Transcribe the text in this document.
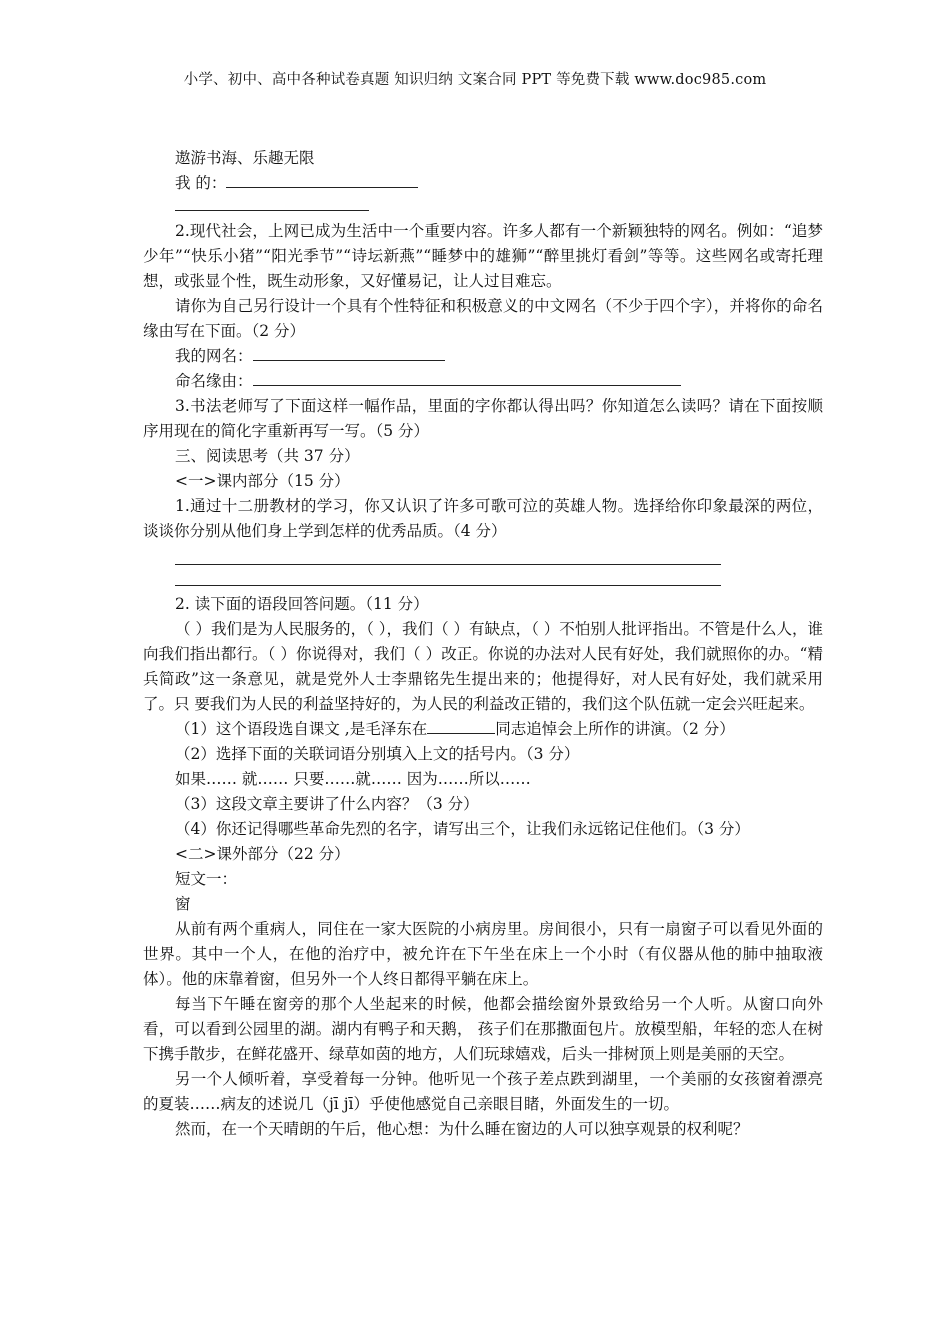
小学、初中、高中各种试卷真题 知识归纳 文案合同 PPT 等免费下载 www.doc985.com

遨游书海、乐趣无限

我 的：

2.现代社会，上网已成为生活中一个重要内容。许多人都有一个新颖独特的网名。例如：“追梦少年”“快乐小猪”“阳光季节”“诗坛新燕”“睡梦中的雄狮”“醉里挑灯看剑”等等。这些网名或寄托理想，或张显个性，既生动形象，又好懂易记，让人过目难忘。

请你为自己另行设计一个具有个性特征和积极意义的中文网名（不少于四个字），并将你的命名缘由写在下面。（2 分）

我的网名：

命名缘由：

3.书法老师写了下面这样一幅作品，里面的字你都认得出吗？你知道怎么读吗？请在下面按顺序用现在的简化字重新再写一写。（5 分）

三、阅读思考（共 37 分）

<一>课内部分（15 分）

1.通过十二册教材的学习，你又认识了许多可歌可泣的英雄人物。选择给你印象最深的两位，谈谈你分别从他们身上学到怎样的优秀品质。（4 分）

2. 读下面的语段回答问题。（11 分）

（ ）我们是为人民服务的，（ ），我们（ ）有缺点，（ ）不怕别人批评指出。不管是什么人，谁向我们指出都行。（ ）你说得对，我们（ ）改正。你说的办法对人民有好处，我们就照你的办。“精兵简政”这一条意见，就是党外人士李鼎铭先生提出来的；他提得好，对人民有好处，我们就采用了。只 要我们为人民的利益坚持好的，为人民的利益改正错的，我们这个队伍就一定会兴旺起来。

（1）这个语段选自课文 ,是毛泽东在	同志追悼会上所作的讲演。（2 分）

（2）选择下面的关联词语分别填入上文的括号内。（3 分）

如果…… 就…… 只要……就…… 因为……所以……

（3）这段文章主要讲了什么内容？（3 分）

（4）你还记得哪些革命先烈的名字，请写出三个，让我们永远铭记住他们。（3 分）

<二>课外部分（22 分）

短文一：

窗

从前有两个重病人，同住在一家大医院的小病房里。房间很小，只有一扇窗子可以看见外面的世界。其中一个人，在他的治疗中，被允许在下午坐在床上一个小时（有仪器从他的肺中抽取液体）。他的床靠着窗，但另外一个人终日都得平躺在床上。

每当下午睡在窗旁的那个人坐起来的时候，他都会描绘窗外景致给另一个人听。从窗口向外看，可以看到公园里的湖。湖内有鸭子和天鹅， 孩子们在那撒面包片。放模型船，年轻的恋人在树下携手散步，在鲜花盛开、绿草如茵的地方，人们玩球嬉戏，后头一排树顶上则是美丽的天空。

另一个人倾听着，享受着每一分钟。他听见一个孩子差点跌到湖里，一个美丽的女孩窗着漂亮的夏装……病友的述说几（jī jī）乎使他感觉自己亲眼目睹，外面发生的一切。

然而，在一个天晴朗的午后，他心想：为什么睡在窗边的人可以独享观景的权利呢？
